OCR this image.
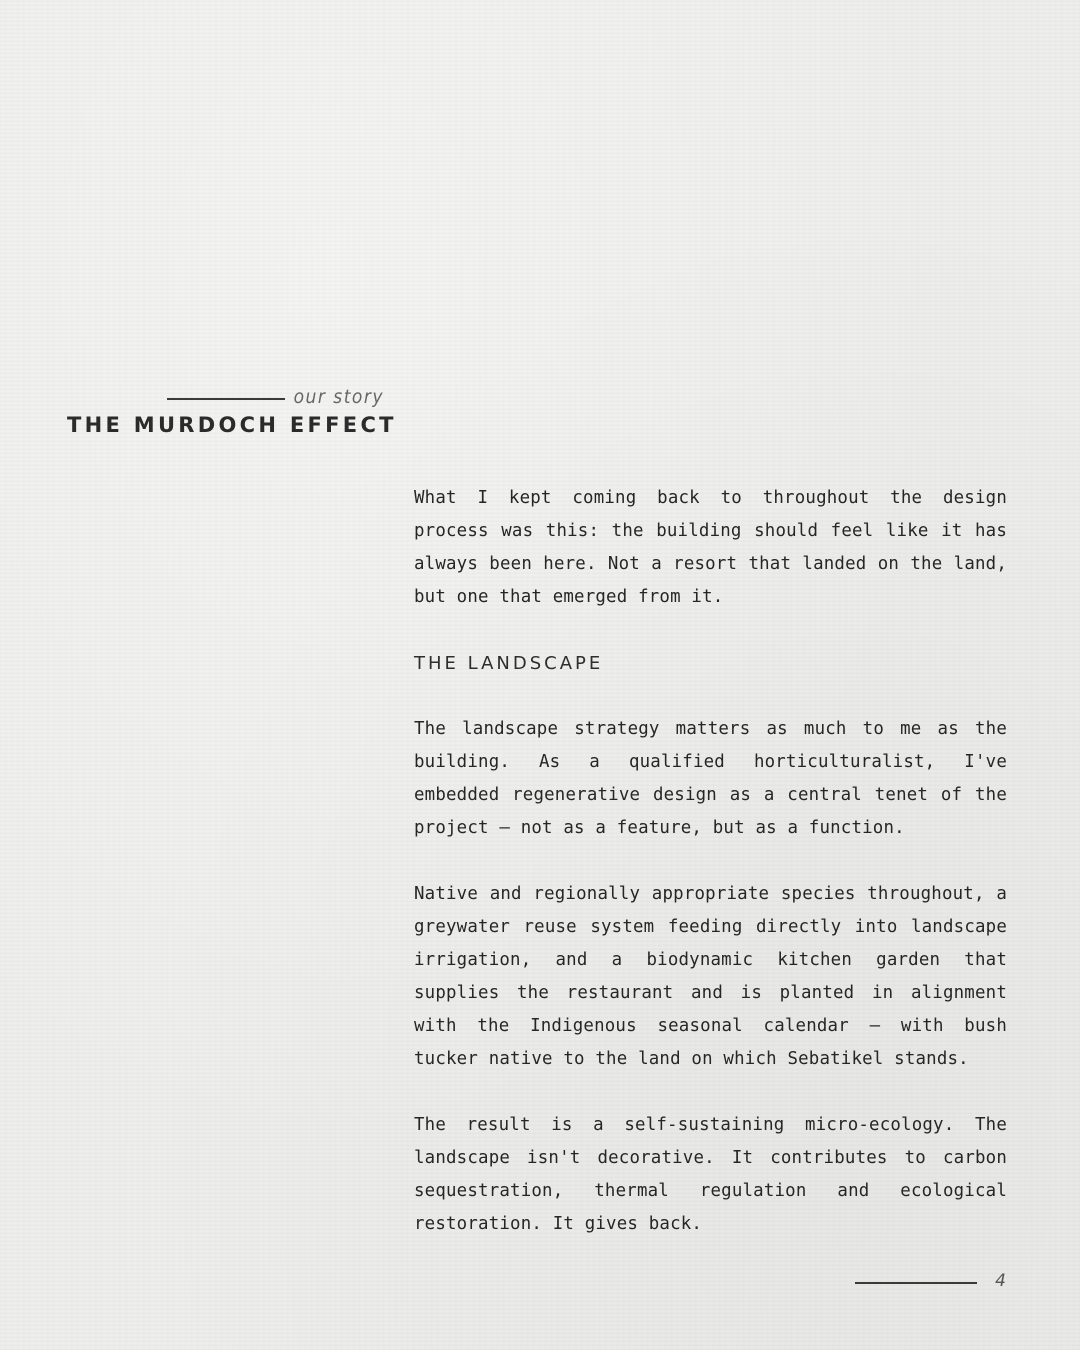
our story
THE MURDOCH EFFECT

What I kept coming back to throughout the design process was this: the building should feel like it has always been here. Not a resort that landed on the land, but one that emerged from it.

THE LANDSCAPE

The landscape strategy matters as much to me as the building. As a qualified horticulturalist, I've embedded regenerative design as a central tenet of the project — not as a feature, but as a function.

Native and regionally appropriate species throughout, a greywater reuse system feeding directly into landscape irrigation, and a biodynamic kitchen garden that supplies the restaurant and is planted in alignment with the Indigenous seasonal calendar — with bush tucker native to the land on which Sebatikel stands.

The result is a self-sustaining micro-ecology. The landscape isn't decorative. It contributes to carbon sequestration, thermal regulation and ecological restoration. It gives back.

4
